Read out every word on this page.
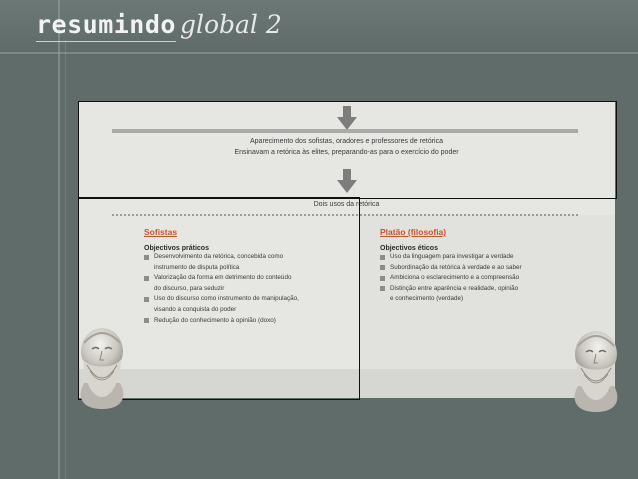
resumindo global 2
Aparecimento dos sofistas, oradores e professores de retórica
Ensinavam a retórica às elites, preparando-as para o exercício do poder
Dois usos da retórica
Sofistas
Objectivos práticos
Desenvolvimento da retórica, concebida como
instrumento de disputa política
Valorização da forma em detrimento do conteúdo
do discurso, para seduzir
Uso do discurso como instrumento de manipulação,
visando a conquista do poder
Redução do conhecimento à opinião (doxo)
Platão (filosofia)
Objectivos éticos
Uso da linguagem para investigar a verdade
Subordinação da retórica à verdade e ao saber
Ambiciona o esclarecimento e a compreensão
Distinção entre aparência e realidade, opinião
e conhecimento (verdade)
